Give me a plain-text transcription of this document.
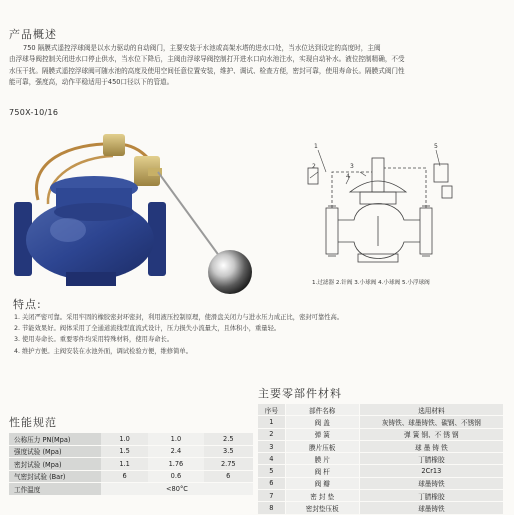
产品概述
750 隔膜式遥控浮球阀是以水力驱动的自动阀门，主要安装于水池或高架水塔的进水口处，当水位达到设定的高度时，主阀
由浮球导阀控制关闭进水口停止供水，当水位下降后，主阀由浮球导阀控制打开进水口向水池注水，实现自动补水。液位控制精确，不受
水压干扰。隔膜式遥控浮球阀可随水池的高度及使用空间任意位置安装，维护、调试、检查方便，密封可靠，使用寿命长。隔膜式阀门性
能可靠，强度高，动作平稳适用于450口径以下的管道。
750X-10/16
1
2	3
4
5
1.过滤器 2.针阀 3.小球阀 4.小球阀 5.小浮球阀
特点:
1. 关闭严密可靠。采用牢固的橡胶密封环密封，利用液压控制原理，使滑盘关闭力与进水压力成正比，密封可靠性高。
2. 节能效果好。阀体采用了全通道流线型直流式设计，压力损失小流量大，且体积小，重量轻。
3. 使用寿命长。重要零件均采用特殊材料，使用寿命长。
4. 维护方便。主阀安装在水池外面，调试检验方便，维修简单。
主要零部件材料
性能规范
公称压力 PN(Mpa)	1.0	1.0	2.5
强度试验 (Mpa)	1.5	2.4	3.5
密封试验 (Mpa)	1.1	1.76	2.75
气密封试验 (Bar)	6	0.6	6
工作温度	<80°C		
序号	部件名称	选用材料
1	阀 盖	灰铸铁、球墨铸铁、碳钢、不锈钢
2	弹 簧	弹 簧 钢、不 锈 钢
3	膜片压板	球 墨 铸 铁
4	膜 片	丁腈橡胶
5	阀 杆	2Cr13
6	阀 瓣	球墨铸铁
7	密 封 垫	丁腈橡胶
8	密封垫压板	球墨铸铁
